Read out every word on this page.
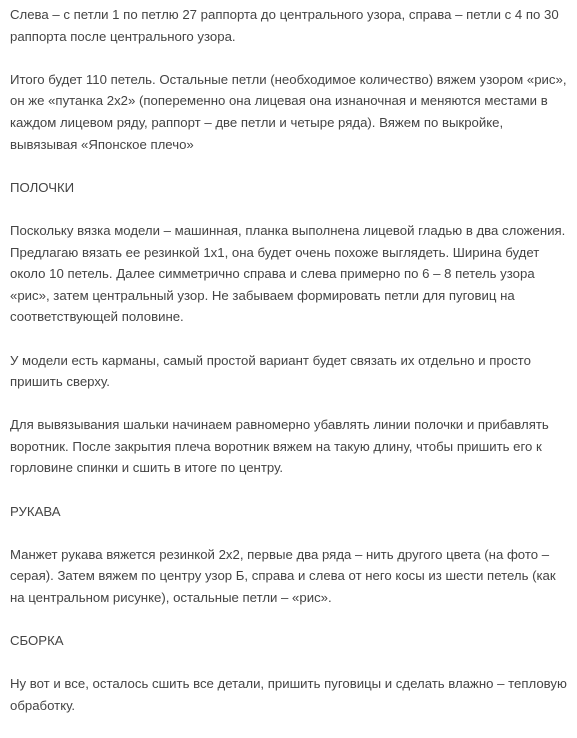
Слева – с петли 1 по петлю 27 раппорта до центрального узора, справа – петли с 4 по 30 раппорта после центрального узора.

Итого будет 110 петель. Остальные петли (необходимое количество) вяжем узором «рис», он же «путанка 2х2» (попеременно она лицевая она изнаночная и меняются местами в каждом лицевом ряду, раппорт – две петли и четыре ряда). Вяжем по выкройке, вывязывая «Японское плечо»

ПОЛОЧКИ

Поскольку вязка модели – машинная, планка выполнена лицевой гладью в два сложения. Предлагаю вязать ее резинкой 1х1, она будет очень похоже выглядеть. Ширина будет около 10 петель. Далее симметрично справа и слева примерно по 6 – 8 петель узора «рис», затем центральный узор. Не забываем формировать петли для пуговиц на соответствующей половине.

У модели есть карманы, самый простой вариант будет связать их отдельно и просто пришить сверху.

Для вывязывания шальки начинаем равномерно убавлять линии полочки и прибавлять воротник. После закрытия плеча воротник вяжем на такую длину, чтобы пришить его к горловине спинки и сшить в итоге по центру.

РУКАВА

Манжет рукава вяжется резинкой 2х2, первые два ряда – нить другого цвета (на фото – серая). Затем вяжем по центру узор Б, справа и слева от него косы из шести петель (как на центральном рисунке), остальные петли – «рис».

СБОРКА

Ну вот и все, осталось сшить все детали, пришить пуговицы и сделать влажно – тепловую обработку.
